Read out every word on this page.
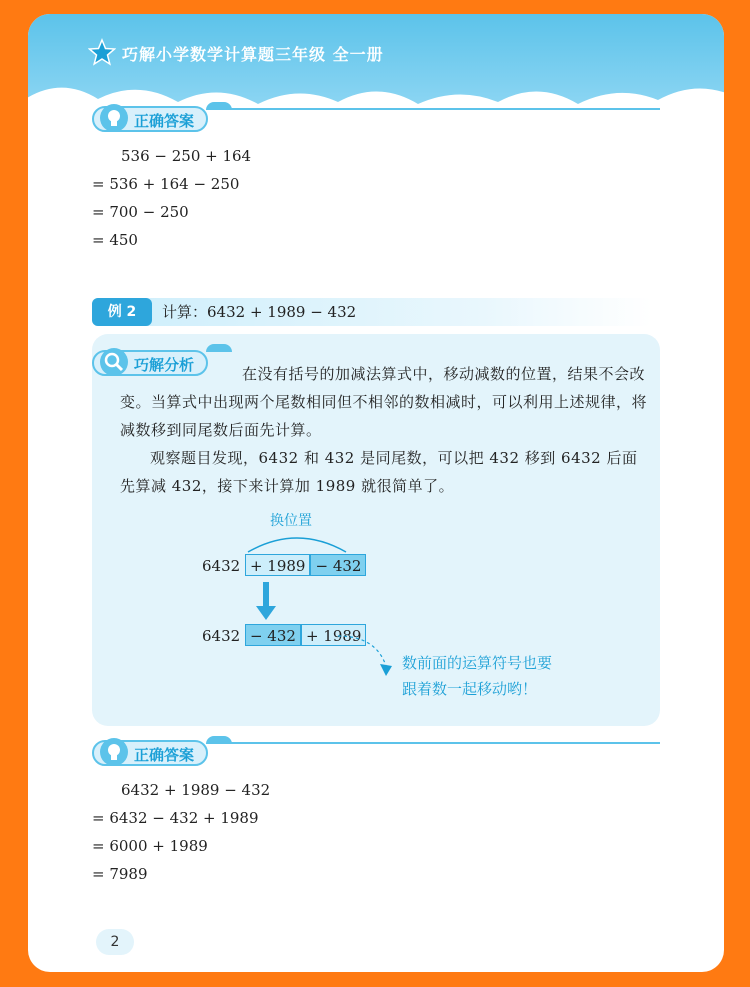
巧解小学数学计算题三年级 全一册
正确答案
536 − 250 + 164
= 536 + 164 − 250
= 700 − 250
= 450
例 2	计算：6432 + 1989 − 432
巧解分析	在没有括号的加减法算式中，移动减数的位置，结果不会改变。当算式中出现两个尾数相同但不相邻的数相减时，可以利用上述规律，将减数移到同尾数后面先计算。

观察题目发现，6432 和 432 是同尾数，可以把 432 移到 6432 后面先算减 432，接下来计算加 1989 就很简单了。

换位置
6432 + 1989 − 432
6432 − 432 + 1989
数前面的运算符号也要
跟着数一起移动哟！
正确答案
6432 + 1989 − 432
= 6432 − 432 + 1989
= 6000 + 1989
= 7989
2
